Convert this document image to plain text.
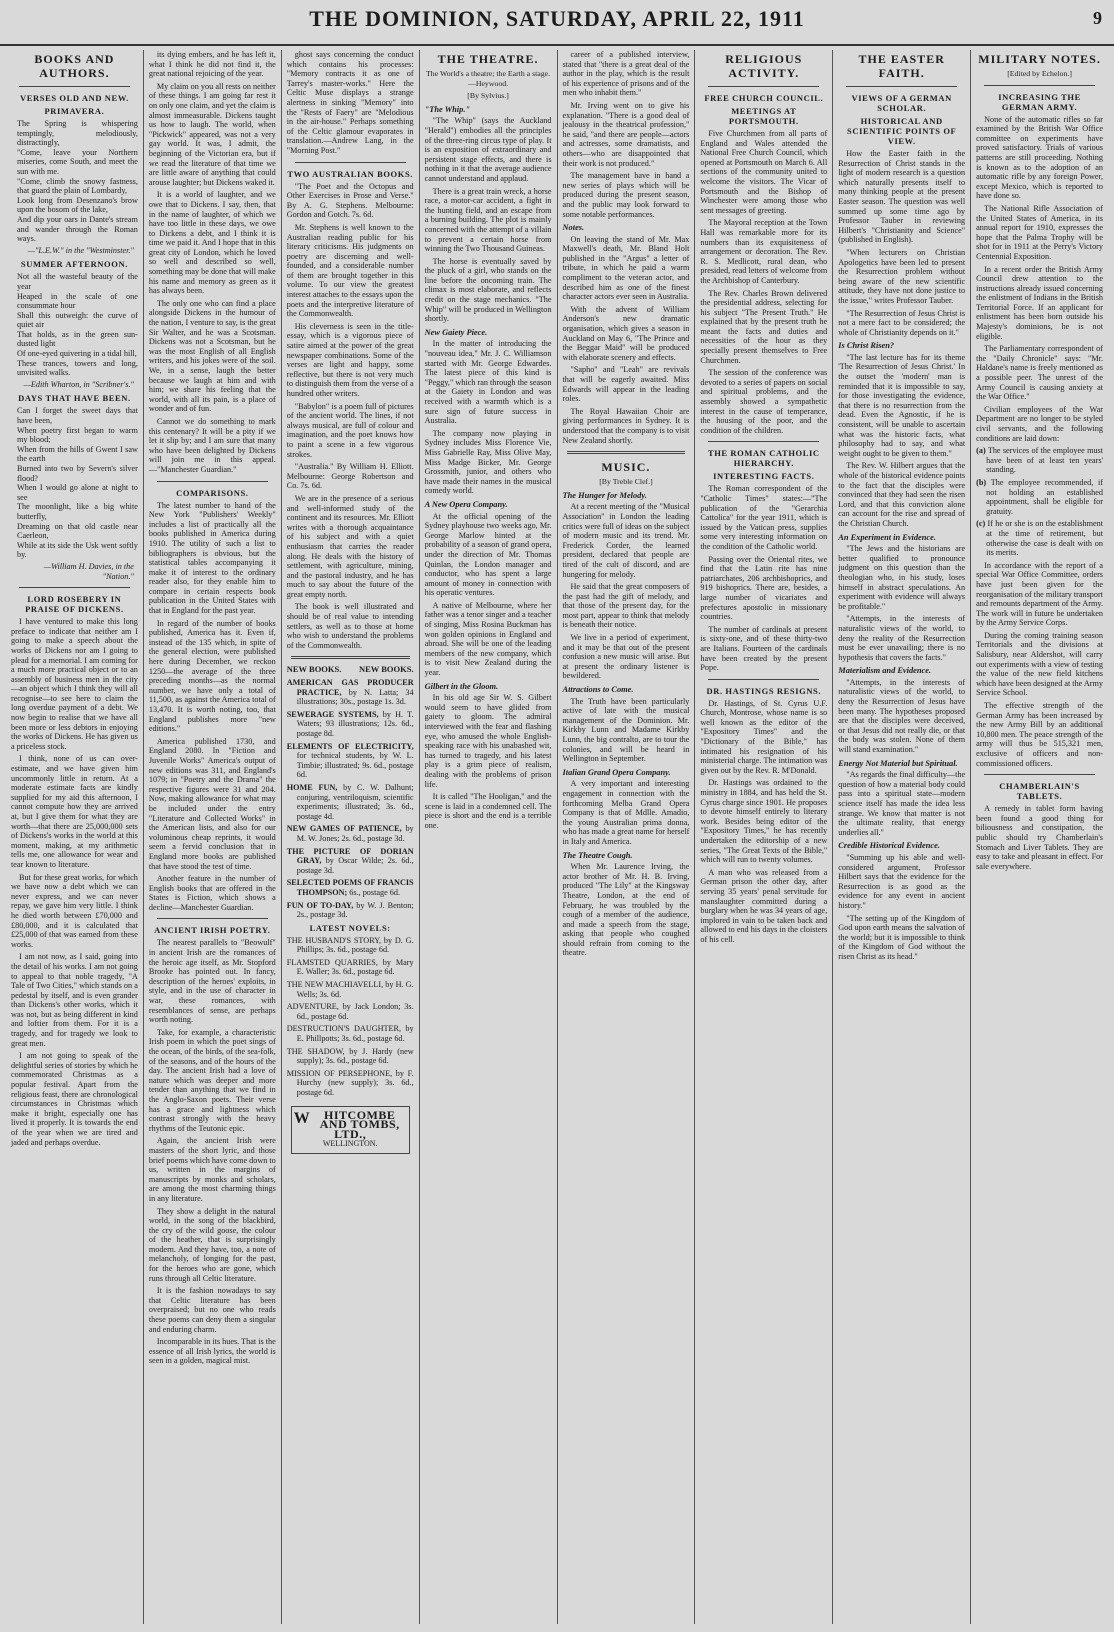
THE DOMINION, SATURDAY, APRIL 22, 1911	9
BOOKS AND AUTHORS.
VERSES OLD AND NEW.
PRIMAVERA.

The Spring is whispering temptingly, melodiously, distractingly,

"Come, leave your Northern miseries, come South, and meet the sun with me.

"Come, climb the snowy fastness, that guard the plain of Lombardy,

Look long from Desenzano's brow upon the bosom of the lake,

And dip your oars in Dante's stream and wander through the Roman ways.

—"L.E.W." in the "Westminster."
SUMMER AFTERNOON.

Not all the wasteful beauty of the year

Heaped in the scale of one consummate hour

Shall this outweigh: the curve of quiet air

That holds, as in the green sun-dusted light

Of one-eyed quivering in a tidal hill,

These trances, towers and long, unvisited walks.

—Edith Wharton, in "Scribner's."
DAYS THAT HAVE BEEN.

Can I forget the sweet days that have been,

When poetry first began to warm my blood;

When from the hills of Gwent I saw the earth

Burned into two by Severn's silver flood?

When I would go alone at night to see

The moonlight, like a big white butterfly,

Dreaming on that old castle near Caerleon,

While at its side the Usk went softly by.

—William H. Davies, in the "Nation."
LORD ROSEBERY IN PRAISE OF DICKENS.

I have ventured to make this long preface to indicate that neither am I going to make a speech about the works of Dickens nor am I going to plead for a memorial. I am coming for a much more practical object or to an assembly of business men in the city—an object which I think they will all recognise—to see here to claim the long overdue payment of a debt. We now begin to realise that we have all been more or less debtors in enjoying the works of Dickens. He has given us a priceless stock.

I think, none of us can over-estimate, and we have given him uncommonly little in return. At a moderate estimate facts are kindly supplied for my aid this afternoon, I cannot compute how they are arrived at, but I give them for what they are worth—that there are 25,000,000 sets of Dickens's works in the world at this moment, making, at my arithmetic tells me, one allowance for wear and tear known to literature.

But for these great works, for which we have now a debt which we can never express, and we can never repay, we gave him very little. I think he died worth between £70,000 and £80,000, and it is calculated that £25,000 of that was earned from these works.

I am not now, as I said, going into the detail of his works. I am not going to appeal to that noble tragedy, "A Tale of Two Cities," which stands on a pedestal by itself, and is even grander than Dickens's other works, which it was not, but as being different in kind and loftier from them. For it is a tragedy, and for tragedy we look to great men.

I am not going to speak of the delightful series of stories by which he commemorated Christmas as a popular festival. Apart from the religious feast, there are chronological circumstances in Christmas which make it bright, especially one has lived it properly. It is towards the end of the year when we are tired and jaded and perhaps overdue.

its dying embers, and he has left it, what I think he did not find it, the great national rejoicing of the year.

My claim on you all rests on neither of these things. I am going far rest it on only one claim, and yet the claim is almost immeasurable. Dickens taught us how to laugh. The world, when "Pickwick" appeared, was not a very gay world. It was, I admit, the beginning of the Victorian era, but if we read the literature of that time we are little aware of anything that could arouse laughter; but Dickens waked it.

It is a world of laughter, and we owe that to Dickens. I say, then, that in the name of laughter, of which we have too little in these days, we owe to Dickens a debt, and I think it is time we paid it. And I hope that in this great city of London, which he loved so well and described so well, something may be done that will make his name and memory as green as it has always been.

The only one who can find a place alongside Dickens in the humour of the nation, I venture to say, is the great Sir Walter, and he was a Scotsman. Dickens was not a Scotsman, but he was the most English of all English writers, and his jokes were of the soil. We, in a sense, laugh the better because we laugh at him and with him; we share his feeling that the world, with all its pain, is a place of wonder and of fun.

Cannot we do something to mark this centenary? It will be a pity if we let it slip by; and I am sure that many who have been delighted by Dickens will join me in this appeal.—"Manchester Guardian."

COMPARISONS.

The latest number to hand of the New York "Publishers' Weekly" includes a list of practically all the books published in America during 1910. The utility of such a list to bibliographers is obvious, but the statistical tables accompanying it make it of interest to the ordinary reader also, for they enable him to compare in certain respects book publication in the United States with that in England for the past year.

In regard of the number of books published, America has it. Even if, instead of the 135 which, in spite of the general election, were published here during December, we reckon 1250—the average of the three preceding months—as the normal number, we have only a total of 11,500, as against the America total of 13,470. It is worth noting, too, that England publishes more "new editions."

America published 1730, and England 2080. In "Fiction and Juvenile Works" America's output of new editions was 311, and England's 1079; in "Poetry and the Drama" the respective figures were 31 and 204. Now, making allowance for what may be included under the entry "Literature and Collected Works" in the American lists, and also for our voluminous cheap reprints, it would seem a fervid conclusion that in England more books are published that have stood the test of time.

Another feature in the number of English books that are offered in the States is Fiction, which shows a decline—Manchester Guardian.

ANCIENT IRISH POETRY.

The nearest parallels to "Beowulf" in ancient Irish are the romances of the heroic age itself, as Mr. Stopford Brooke has pointed out. In fancy, description of the heroes' exploits, in style, and in the use of character in war, these romances, with resemblances of sense, are perhaps worth noting.

Take, for example, a characteristic Irish poem in which the poet sings of the ocean, of the birds, of the sea-folk, of the seasons, and of the hours of the day. The ancient Irish had a love of nature which was deeper and more tender than anything that we find in the Anglo-Saxon poets. Their verse has a grace and lightness which contrast strongly with the heavy rhythms of the Teutonic epic.

Again, the ancient Irish were masters of the short lyric, and those brief poems which have come down to us, written in the margins of manuscripts by monks and scholars, are among the most charming things in any literature.

They show a delight in the natural world, in the song of the blackbird, the cry of the wild goose, the colour of the heather, that is surprisingly modern. And they have, too, a note of melancholy, of longing for the past, for the heroes who are gone, which runs through all Celtic literature.

It is the fashion nowadays to say that Celtic literature has been overpraised; but no one who reads these poems can deny them a singular and enduring charm.

Incomparable in its hues. That is the essence of all Irish lyrics, the world is seen in a golden, magical mist.

ghost says concerning the conduct which contains his processes: "Memory contracts it as one of Tarrey's master-works." Here the Celtic Muse displays a strange alertness in sinking "Memory" into the "Rests of Faery" are "Melodious in the air-house." Perhaps something of the Celtic glamour evaporates in translation.—Andrew Lang, in the "Morning Post."

TWO AUSTRALIAN BOOKS.

"The Poet and the Octopus and Other Exercises in Prose and Verse." By A. G. Stephens. Melbourne: Gordon and Gotch. 7s. 6d.

Mr. Stephens is well known to the Australian reading public for his literary criticisms. His judgments on poetry are discerning and well-founded, and a considerable number of them are brought together in this volume. To our view the greatest interest attaches to the essays upon the poets and the interpretive literature of the Commonwealth.

His cleverness is seen in the title-essay, which is a vigorous piece of satire aimed at the power of the great newspaper combinations. Some of the verses are light and happy, some reflective, but there is not very much to distinguish them from the verse of a hundred other writers.

"Babylon" is a poem full of pictures of the ancient world. The lines, if not always musical, are full of colour and imagination, and the poet knows how to paint a scene in a few vigorous strokes.

"Australia." By William H. Elliott. Melbourne: George Robertson and Co. 7s. 6d.

We are in the presence of a serious and well-informed study of the continent and its resources. Mr. Elliott writes with a thorough acquaintance of his subject and with a quiet enthusiasm that carries the reader along. He deals with the history of settlement, with agriculture, mining, and the pastoral industry, and he has much to say about the future of the great empty north.

The book is well illustrated and should be of real value to intending settlers, as well as to those at home who wish to understand the problems of the Commonwealth.

NEW BOOKS. NEW BOOKS.
AMERICAN GAS PRODUCER PRACTICE, by N. Latta; 34 illustrations; 30s., postage 1s. 3d.
SEWERAGE SYSTEMS, by H. T. Waters; 93 illustrations; 12s. 6d., postage 8d.
ELEMENTS OF ELECTRICITY, for technical students, by W. L. Timbie; illustrated; 9s. 6d., postage 6d.
HOME FUN, by C. W. Dalhunt; conjuring, ventriloquism, scientific experiments; illustrated; 3s. 6d., postage 4d.
NEW GAMES OF PATIENCE, by M. W. Jones; 2s. 6d., postage 3d.
THE PICTURE OF DORIAN GRAY, by Oscar Wilde; 2s. 6d., postage 3d.
SELECTED POEMS OF FRANCIS THOMPSON; 6s., postage 6d.
FUN OF TO-DAY, by W. J. Benton; 2s., postage 3d.
LATEST NOVELS:
THE HUSBAND'S STORY, by D. G. Phillips; 3s. 6d., postage 6d.
FLAMSTED QUARRIES, by Mary E. Waller; 3s. 6d., postage 6d.
THE NEW MACHIAVELLI, by H. G. Wells; 3s. 6d.
ADVENTURE, by Jack London; 3s. 6d., postage 6d.
DESTRUCTION'S DAUGHTER, by E. Phillpotts; 3s. 6d., postage 6d.
THE SHADOW, by J. Hardy (new supply); 3s. 6d., postage 6d.
MISSION OF PERSEPHONE, by F. Hurchy (new supply); 3s. 6d., postage 6d.
W	HITCOMBE AND TOMBS, LTD.,
WELLINGTON.
THE THEATRE.
The World's a theatre; the Earth a stage.—Heywood.
[By Sylvius.]
"The Whip."

"The Whip" (says the Auckland "Herald") embodies all the principles of the three-ring circus type of play. It is an exposition of extraordinary and persistent stage effects, and there is nothing in it that the average audience cannot understand and applaud.

There is a great train wreck, a horse race, a motor-car accident, a fight in the hunting field, and an escape from a burning building. The plot is mainly concerned with the attempt of a villain to prevent a certain horse from winning the Two Thousand Guineas.

The horse is eventually saved by the pluck of a girl, who stands on the line before the oncoming train. The climax is most elaborate, and reflects credit on the stage mechanics. "The Whip" will be produced in Wellington shortly.

New Gaiety Piece.

In the matter of introducing the "nouveau idea," Mr. J. C. Williamson started with Mr. George Edwardes. The latest piece of this kind is "Peggy," which ran through the season at the Gaiety in London and was received with a warmth which is a sure sign of future success in Australia.

The company now playing in Sydney includes Miss Florence Vie, Miss Gabrielle Ray, Miss Olive May, Miss Madge Bicker, Mr. George Grossmith, junior, and others who have made their names in the musical comedy world.

A New Opera Company.

At the official opening of the Sydney playhouse two weeks ago, Mr. George Marlow hinted at the probability of a season of grand opera, under the direction of Mr. Thomas Quinlan, the London manager and conductor, who has spent a large amount of money in connection with his operatic ventures.

A native of Melbourne, where her father was a tenor singer and a teacher of singing, Miss Rosina Buckman has won golden opinions in England and abroad. She will be one of the leading members of the new company, which is to visit New Zealand during the year.

Gilbert in the Gloom.

In his old age Sir W. S. Gilbert would seem to have glided from gaiety to gloom. The admiral interviewed with the fear and flashing eye, who amused the whole English-speaking race with his unabashed wit, has turned to tragedy, and his latest play is a grim piece of realism, dealing with the problems of prison life.

It is called "The Hooligan," and the scene is laid in a condemned cell. The piece is short and the end is a terrible one.

career of a published interview, stated that "there is a great deal of the author in the play, which is the result of his experience of prisons and of the men who inhabit them."

Mr. Irving went on to give his explanation. "There is a good deal of jealousy in the theatrical profession," he said, "and there are people—actors and actresses, some dramatists, and others—who are disappointed that their work is not produced."

The management have in hand a new series of plays which will be produced during the present season, and the public may look forward to some notable performances.

Notes.

On leaving the stand of Mr. Max Maxwell's death, Mr. Bland Holt published in the "Argus" a letter of tribute, in which he paid a warm compliment to the veteran actor, and described him as one of the finest character actors ever seen in Australia.

With the advent of William Anderson's new dramatic organisation, which gives a season in Auckland on May 6, "The Prince and the Beggar Maid" will be produced with elaborate scenery and effects.

"Sapho" and "Leah" are revivals that will be eagerly awaited. Miss Edwards will appear in the leading roles.

The Royal Hawaiian Choir are giving performances in Sydney. It is understood that the company is to visit New Zealand shortly.

MUSIC.
[By Treble Clef.]
The Hunger for Melody.

At a recent meeting of the "Musical Association" in London the leading critics were full of ideas on the subject of modern music and its trend. Mr. Frederick Corder, the learned president, declared that people are tired of the cult of discord, and are hungering for melody.

He said that the great composers of the past had the gift of melody, and that those of the present day, for the most part, appear to think that melody is beneath their notice.

We live in a period of experiment, and it may be that out of the present confusion a new music will arise. But at present the ordinary listener is bewildered.

Attractions to Come.

The Truth have been particularly active of late with the musical management of the Dominion. Mr. Kirkby Lunn and Madame Kirkby Lunn, the big contralto, are to tour the colonies, and will be heard in Wellington in September.

Italian Grand Opera Company.

A very important and interesting engagement in connection with the forthcoming Melba Grand Opera Company is that of Mdlle. Amadio, the young Australian prima donna, who has made a great name for herself in Italy and America.

The Theatre Cough.

When Mr. Laurence Irving, the actor brother of Mr. H. B. Irving, produced "The Lily" at the Kingsway Theatre, London, at the end of February, he was troubled by the cough of a member of the audience, and made a speech from the stage, asking that people who coughed should refrain from coming to the theatre.

RELIGIOUS ACTIVITY.
FREE CHURCH COUNCIL.
MEETINGS AT PORTSMOUTH.

Five Churchmen from all parts of England and Wales attended the National Free Church Council, which opened at Portsmouth on March 6. All sections of the community united to welcome the visitors. The Vicar of Portsmouth and the Bishop of Winchester were among those who sent messages of greeting.

The Mayoral reception at the Town Hall was remarkable more for its numbers than its exquisiteness of arrangement or decoration. The Rev. R. S. Medlicott, rural dean, who presided, read letters of welcome from the Archbishop of Canterbury.

The Rev. Charles Brown delivered the presidential address, selecting for his subject "The Present Truth." He explained that by the present truth he meant the facts and duties and necessities of the hour as they specially present themselves to Free Churchmen.

The session of the conference was devoted to a series of papers on social and spiritual problems, and the assembly showed a sympathetic interest in the cause of temperance, the housing of the poor, and the condition of the children.

THE ROMAN CATHOLIC HIERARCHY.
INTERESTING FACTS.

The Roman correspondent of the "Catholic Times" states:—"The publication of the "Gerarchia Cattolica" for the year 1911, which is issued by the Vatican press, supplies some very interesting information on the condition of the Catholic world.

Passing over the Oriental rites, we find that the Latin rite has nine patriarchates, 206 archbishoprics, and 919 bishoprics. There are, besides, a large number of vicariates and prefectures apostolic in missionary countries.

The number of cardinals at present is sixty-one, and of these thirty-two are Italians. Fourteen of the cardinals have been created by the present Pope.

DR. HASTINGS RESIGNS.

Dr. Hastings, of St. Cyrus U.F. Church, Montrose, whose name is so well known as the editor of the "Expository Times" and the "Dictionary of the Bible," has intimated his resignation of his ministerial charge. The intimation was given out by the Rev. R. M'Donald.

Dr. Hastings was ordained to the ministry in 1884, and has held the St. Cyrus charge since 1901. He proposes to devote himself entirely to literary work. Besides being editor of the "Expository Times," he has recently undertaken the editorship of a new series, "The Great Texts of the Bible," which will run to twenty volumes.

A man who was released from a German prison the other day, after serving 35 years' penal servitude for manslaughter committed during a burglary when he was 34 years of age, implored in vain to be taken back and allowed to end his days in the cloisters of his cell.

THE EASTER FAITH.
VIEWS OF A GERMAN SCHOLAR.
HISTORICAL AND SCIENTIFIC POINTS OF VIEW.

How the Easter faith in the Resurrection of Christ stands in the light of modern research is a question which naturally presents itself to many thinking people at the present Easter season. The question was well summed up some time ago by Professor Tauber in reviewing Hilbert's "Christianity and Science" (published in English).

"When lecturers on Christian Apologetics have been led to present the Resurrection problem without being aware of the new scientific attitude, they have not done justice to the issue," writes Professor Tauber.

"The Resurrection of Jesus Christ is not a mere fact to be considered; the whole of Christianity depends on it."

Is Christ Risen?

"The last lecture has for its theme 'The Resurrection of Jesus Christ.' In the outset the 'modern' man is reminded that it is impossible to say, for those investigating the evidence, that there is no resurrection from the dead. Even the Agnostic, if he is consistent, will be unable to ascertain what was the historic facts, what philosophy had to say, and what weight ought to be given to them."

The Rev. W. Hilbert argues that the whole of the historical evidence points to the fact that the disciples were convinced that they had seen the risen Lord, and that this conviction alone can account for the rise and spread of the Christian Church.

An Experiment in Evidence.

"The Jews and the historians are better qualified to pronounce judgment on this question than the theologian who, in his study, loses himself in abstract speculations. An experiment with evidence will always be profitable."

"Attempts, in the interests of naturalistic views of the world, to deny the reality of the Resurrection must be ever unavailing; there is no hypothesis that covers the facts."

Materialism and Evidence.

"Attempts, in the interests of naturalistic views of the world, to deny the Resurrection of Jesus have been many. The hypotheses proposed are that the disciples were deceived, or that Jesus did not really die, or that the body was stolen. None of them will stand examination."

Energy Not Material but Spiritual.

"As regards the final difficulty—the question of how a material body could pass into a spiritual state—modern science itself has made the idea less strange. We know that matter is not the ultimate reality, that energy underlies all."

Credible Historical Evidence.

"Summing up his able and well-considered argument, Professor Hilbert says that the evidence for the Resurrection is as good as the evidence for any event in ancient history."

"The setting up of the Kingdom of God upon earth means the salvation of the world; but it is impossible to think of the Kingdom of God without the risen Christ as its head."

MILITARY NOTES.
[Edited by Echelon.]
INCREASING THE GERMAN ARMY.

None of the automatic rifles so far examined by the British War Office committee on experiments have proved satisfactory. Trials of various patterns are still proceeding. Nothing is known as to the adoption of an automatic rifle by any foreign Power, except Mexico, which is reported to have done so.

The National Rifle Association of the United States of America, in its annual report for 1910, expresses the hope that the Palma Trophy will be shot for in 1911 at the Perry's Victory Centennial Exposition.

In a recent order the British Army Council drew attention to the instructions already issued concerning the enlistment of Indians in the British Territorial Force. If an applicant for enlistment has been born outside his Majesty's dominions, he is not eligible.

The Parliamentary correspondent of the "Daily Chronicle" says: "Mr. Haldane's name is freely mentioned as a possible peer. The unrest of the Army Council is causing anxiety at the War Office."

Civilian employees of the War Department are no longer to be styled civil servants, and the following conditions are laid down:

(a) The services of the employee must have been of at least ten years' standing.
(b) The employee recommended, if not holding an established appointment, shall be eligible for gratuity.
(c) If he or she is on the establishment at the time of retirement, but otherwise the case is dealt with on its merits.

In accordance with the report of a special War Office Committee, orders have just been given for the reorganisation of the military transport and remounts department of the Army. The work will in future be undertaken by the Army Service Corps.

During the coming training season Territorials and the divisions at Salisbury, near Aldershot, will carry out experiments with a view of testing the value of the new field kitchens which have been designed at the Army Service School.

The effective strength of the German Army has been increased by the new Army Bill by an additional 10,800 men. The peace strength of the army will thus be 515,321 men, exclusive of officers and non-commissioned officers.

CHAMBERLAIN'S TABLETS.

A remedy in tablet form having been found a good thing for biliousness and constipation, the public should try Chamberlain's Stomach and Liver Tablets. They are easy to take and pleasant in effect. For sale everywhere.
